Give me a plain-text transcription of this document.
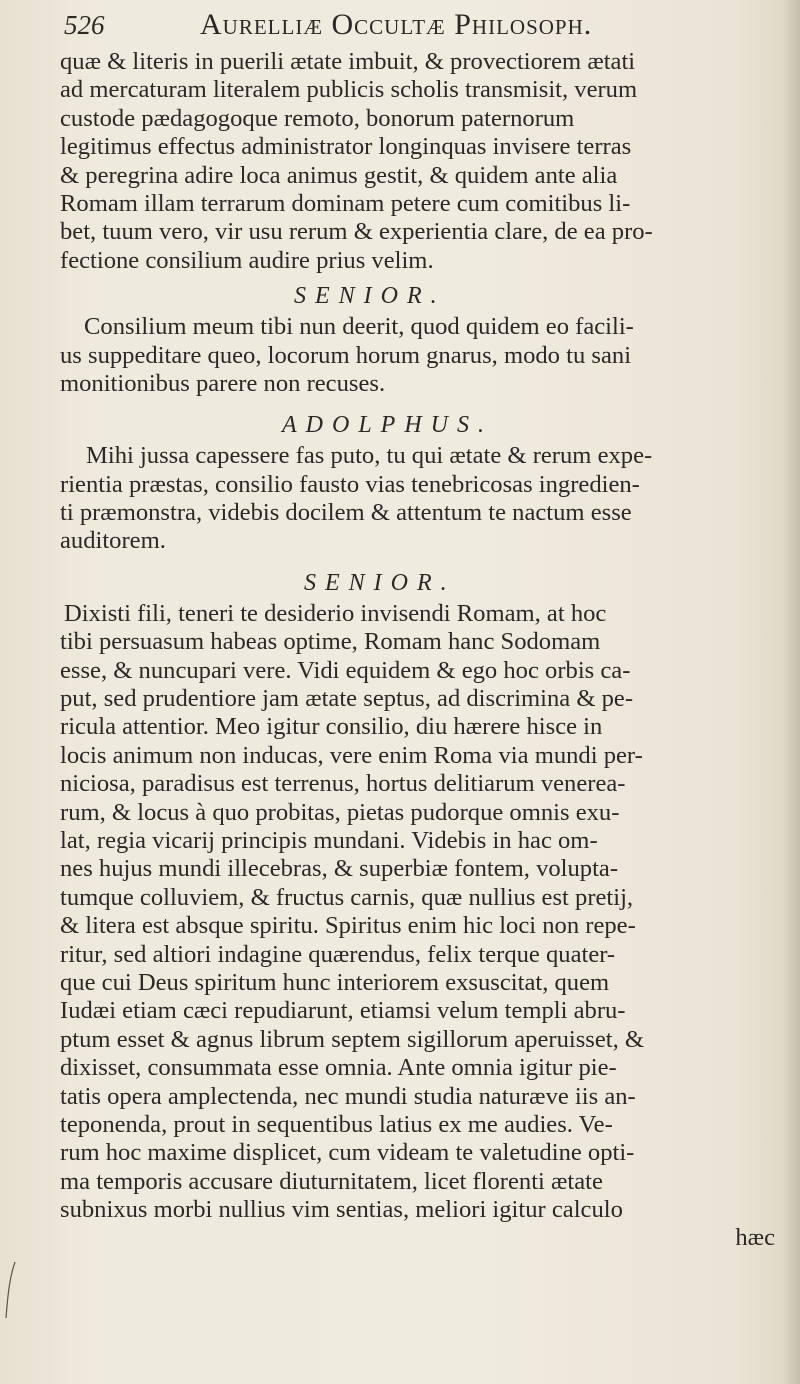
526	Aurelliæ Occultæ Philosoph.
quæ & literis in puerili ætate imbuit, & provectiorem ætati
ad mercaturam literalem publicis scholis transmisit, verum
custode pædagogoque remoto, bonorum paternorum
legitimus effectus administrator longinquas invisere terras
& peregrina adire loca animus gestit, & quidem ante alia
Romam illam terrarum dominam petere cum comitibus li-
bet, tuum vero, vir usu rerum & experientia clare, de ea pro-
fectione consilium audire prius velim.
SENIOR.
Consilium meum tibi nun deerit, quod quidem eo facili-
us suppeditare queo, locorum horum gnarus, modo tu sani
monitionibus parere non recuses.
ADOLPHUS.
Mihi jussa capessere fas puto, tu qui ætate & rerum expe-
rientia præstas, consilio fausto vias tenebricosas ingredien-
ti præmonstra, videbis docilem & attentum te nactum esse
auditorem.
SENIOR.
Dixisti fili, teneri te desiderio invisendi Romam, at hoc
tibi persuasum habeas optime, Romam hanc Sodomam
esse, & nuncupari vere. Vidi equidem & ego hoc orbis ca-
put, sed prudentiore jam ætate septus, ad discrimina & pe-
ricula attentior. Meo igitur consilio, diu hærere hisce in
locis animum non inducas, vere enim Roma via mundi per-
niciosa, paradisus est terrenus, hortus delitiarum venerea-
rum, & locus à quo probitas, pietas pudorque omnis exu-
lat, regia vicarij principis mundani. Videbis in hac om-
nes hujus mundi illecebras, & superbiæ fontem, volupta-
tumque colluviem, & fructus carnis, quæ nullius est pretij,
& litera est absque spiritu. Spiritus enim hic loci non repe-
ritur, sed altiori indagine quærendus, felix terque quater-
que cui Deus spiritum hunc interiorem exsuscitat, quem
Iudæi etiam cæci repudiarunt, etiamsi velum templi abru-
ptum esset & agnus librum septem sigillorum aperuisset, &
dixisset, consummata esse omnia. Ante omnia igitur pie-
tatis opera amplectenda, nec mundi studia naturæve iis an-
teponenda, prout in sequentibus latius ex me audies. Ve-
rum hoc maxime displicet, cum videam te valetudine opti-
ma temporis accusare diuturnitatem, licet florenti ætate
subnixus morbi nullius vim sentias, meliori igitur calculo
hæc
